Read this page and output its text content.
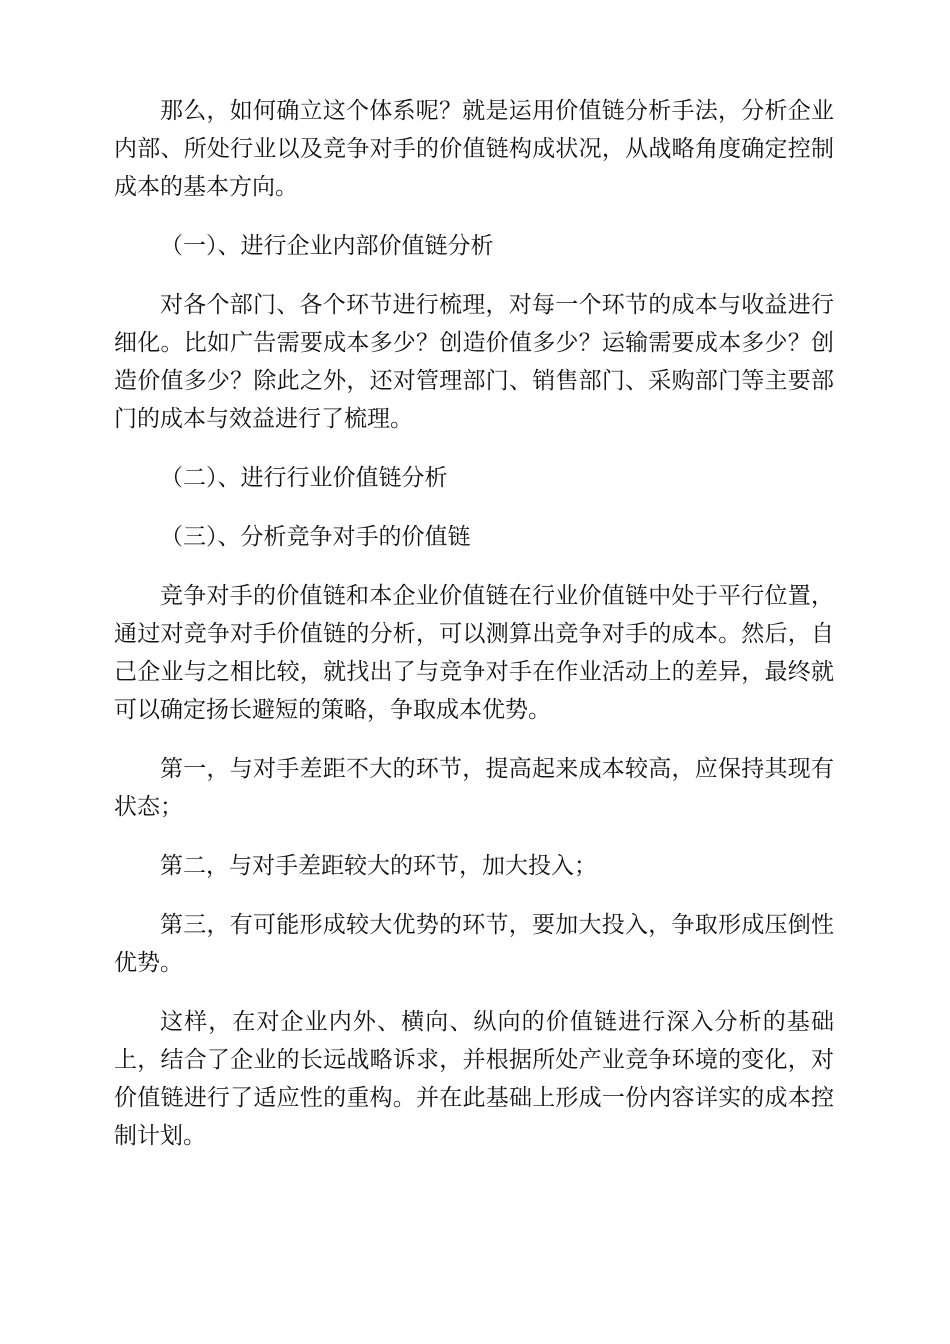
那么，如何确立这个体系呢？就是运用价值链分析手法，分析企业内部、所处行业以及竞争对手的价值链构成状况，从战略角度确定控制成本的基本方向。

（一）、进行企业内部价值链分析

对各个部门、各个环节进行梳理，对每一个环节的成本与收益进行细化。比如广告需要成本多少？创造价值多少？运输需要成本多少？创造价值多少？除此之外，还对管理部门、销售部门、采购部门等主要部门的成本与效益进行了梳理。

（二）、进行行业价值链分析

（三）、分析竞争对手的价值链

竞争对手的价值链和本企业价值链在行业价值链中处于平行位置，通过对竞争对手价值链的分析，可以测算出竞争对手的成本。然后，自己企业与之相比较，就找出了与竞争对手在作业活动上的差异，最终就可以确定扬长避短的策略，争取成本优势。

第一，与对手差距不大的环节，提高起来成本较高，应保持其现有状态；

第二，与对手差距较大的环节，加大投入；

第三，有可能形成较大优势的环节，要加大投入，争取形成压倒性优势。

这样，在对企业内外、横向、纵向的价值链进行深入分析的基础上，结合了企业的长远战略诉求，并根据所处产业竞争环境的变化，对价值链进行了适应性的重构。并在此基础上形成一份内容详实的成本控制计划。
